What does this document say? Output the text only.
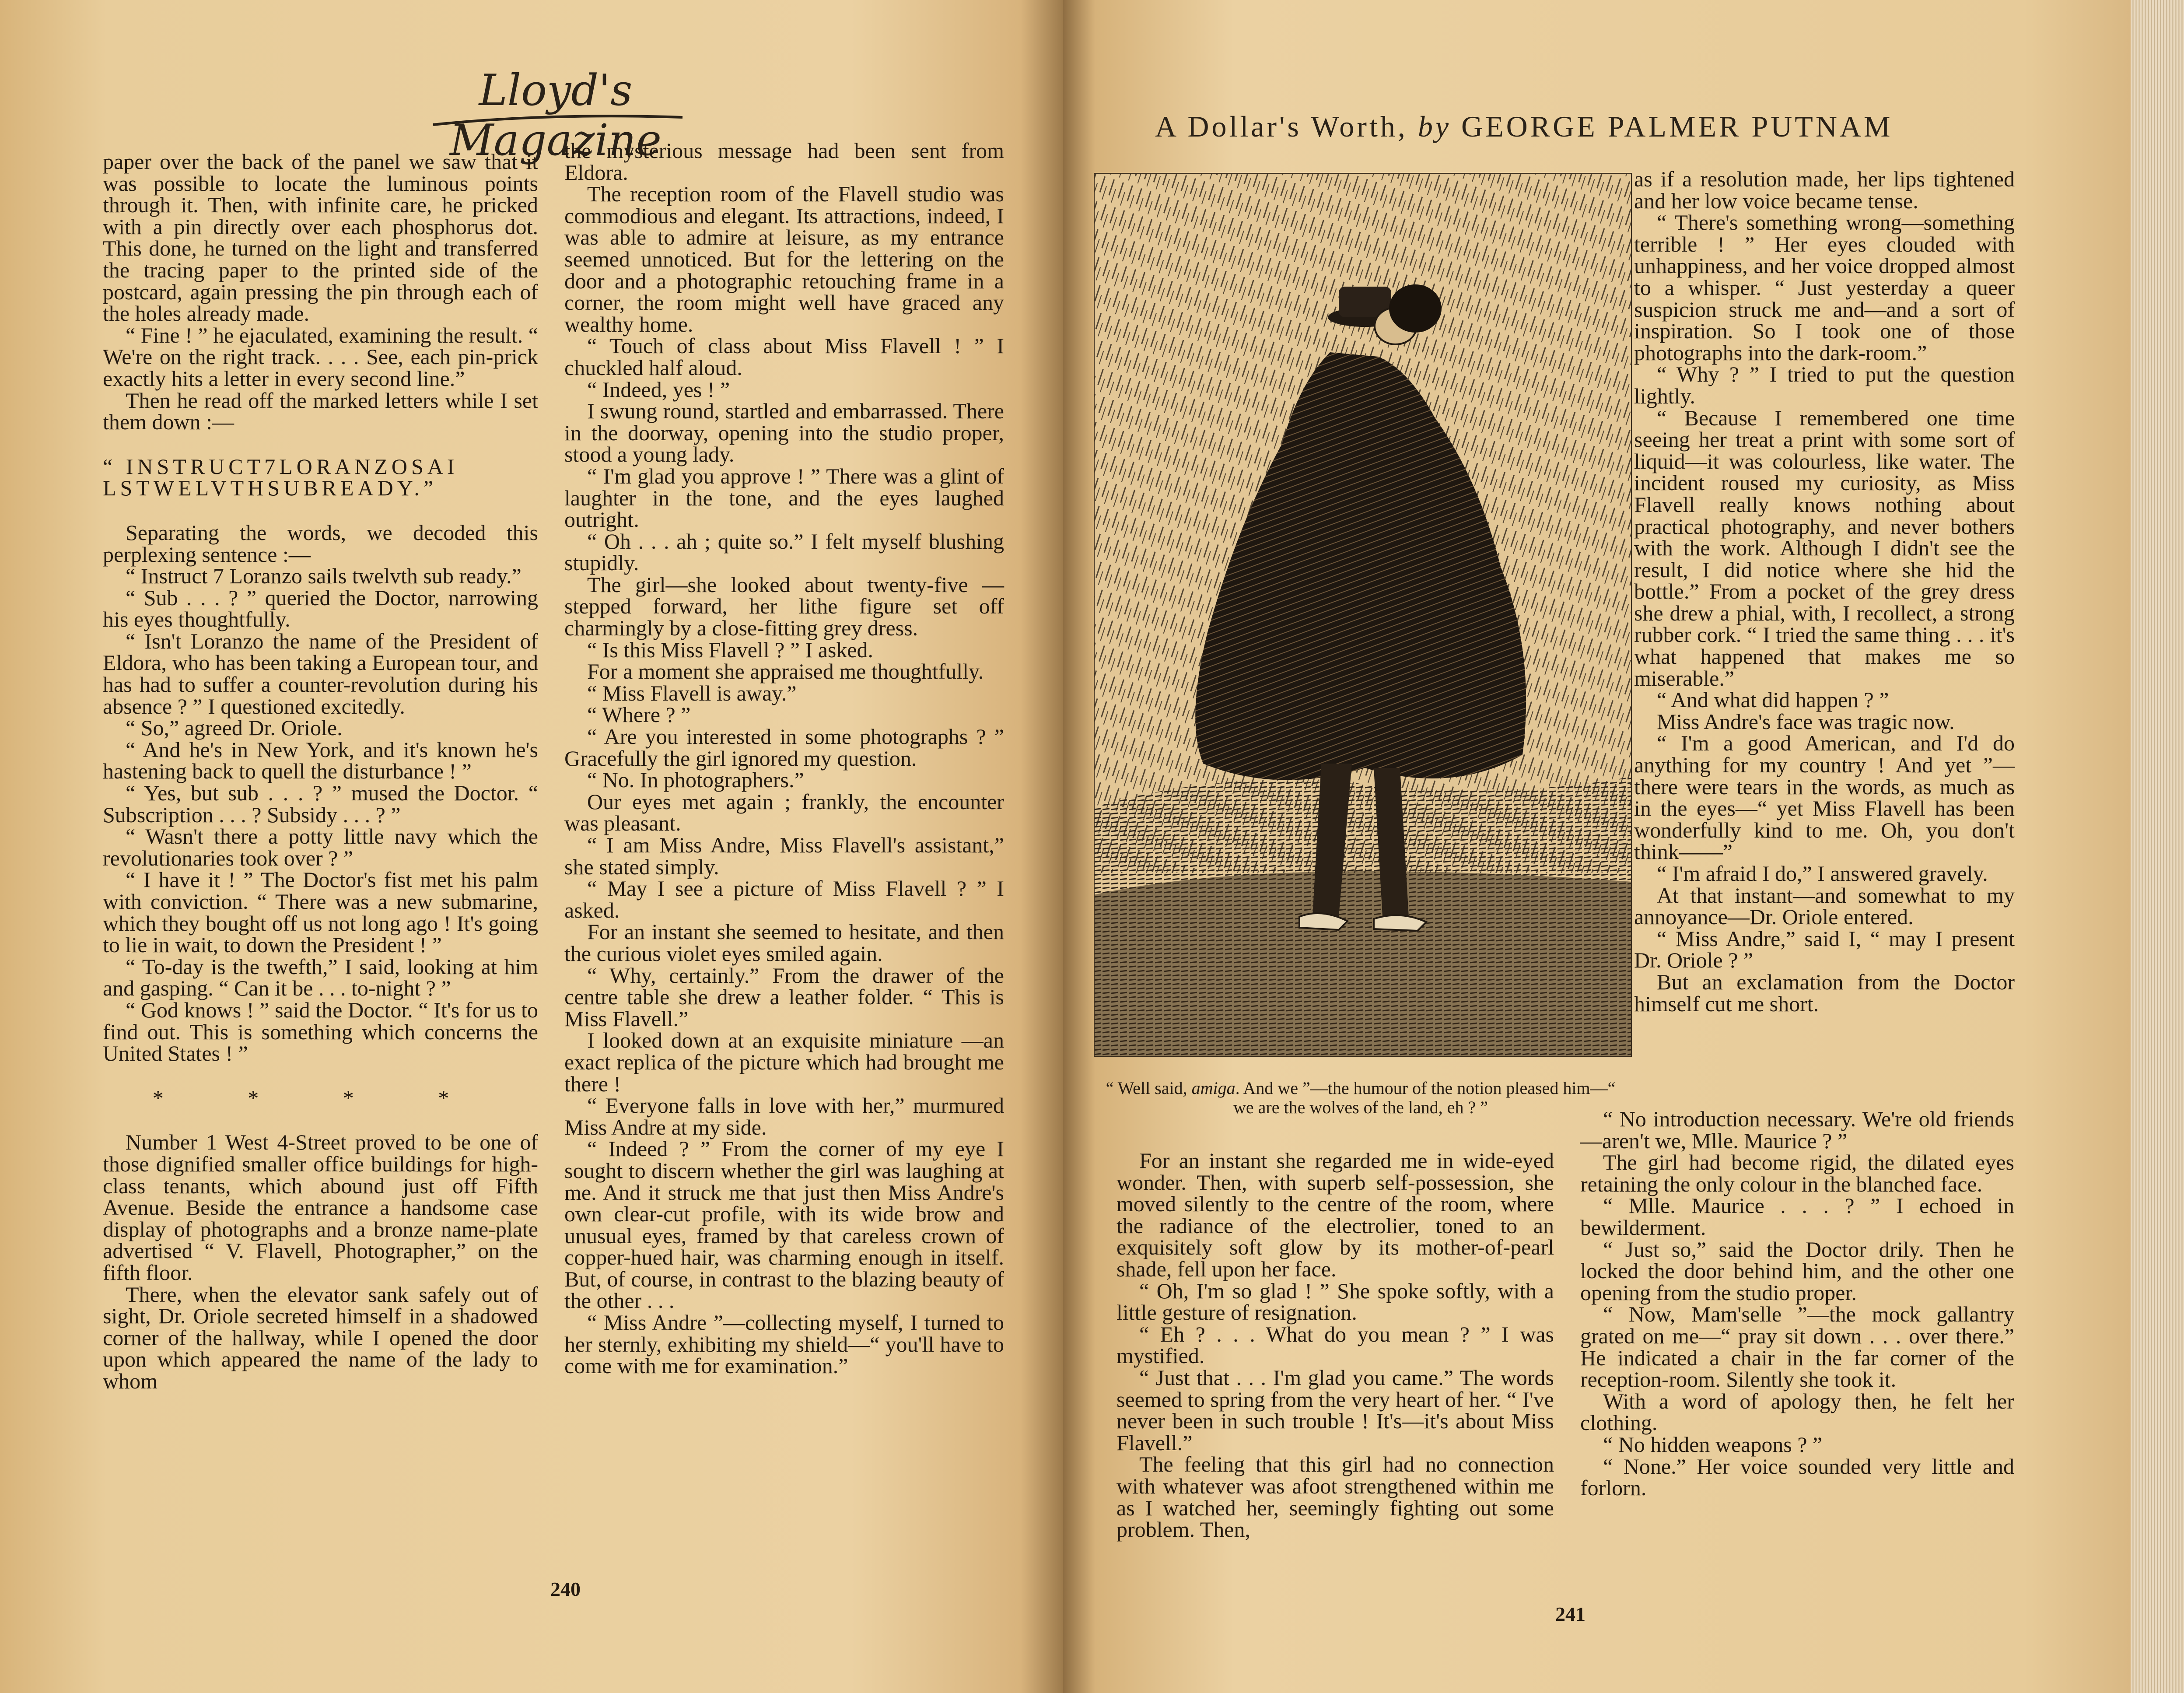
Lloyd's Magazine

paper over the back of the panel we saw that it was possible to locate the luminous points through it. Then, with infinite care, he pricked with a pin directly over each phosphorus dot. This done, he turned on the light and transferred the tracing paper to the printed side of the postcard, again pressing the pin through each of the holes already made.

“ Fine ! ” he ejaculated, examining the result. “ We're on the right track. . . . See, each pin-prick exactly hits a letter in every second line.”

Then he read off the marked letters while I set them down :—

“ INSTRUCT7LORANZOSAI LSTWELVTHSUBREADY.”

Separating the words, we decoded this perplexing sentence :—

“ Instruct 7 Loranzo sails twelvth sub ready.”

“ Sub . . . ? ” queried the Doctor, narrowing his eyes thoughtfully.

“ Isn't Loranzo the name of the President of Eldora, who has been taking a European tour, and has had to suffer a counter-revolution during his absence ? ” I questioned excitedly.

“ So,” agreed Dr. Oriole.

“ And he's in New York, and it's known he's hastening back to quell the disturbance ! ”

“ Yes, but sub . . . ? ” mused the Doctor. “ Subscription . . . ? Subsidy . . . ? ”

“ Wasn't there a potty little navy which the revolutionaries took over ? ”

“ I have it ! ” The Doctor's fist met his palm with conviction. “ There was a new submarine, which they bought off us not long ago ! It's going to lie in wait, to down the President ! ”

“ To-day is the twefth,” I said, looking at him and gasping. “ Can it be . . . to-night ? ”

“ God knows ! ” said the Doctor. “ It's for us to find out. This is something which concerns the United States ! ”

* * * *

Number 1 West 4-Street proved to be one of those dignified smaller office buildings for high-class tenants, which abound just off Fifth Avenue. Beside the entrance a handsome case display of photographs and a bronze name-plate advertised “ V. Flavell, Photographer,” on the fifth floor.

There, when the elevator sank safely out of sight, Dr. Oriole secreted himself in a shadowed corner of the hallway, while I opened the door upon which appeared the name of the lady to whom

the mysterious message had been sent from Eldora.

The reception room of the Flavell studio was commodious and elegant. Its attractions, indeed, I was able to admire at leisure, as my entrance seemed unnoticed. But for the lettering on the door and a photographic retouching frame in a corner, the room might well have graced any wealthy home.

“ Touch of class about Miss Flavell ! ” I chuckled half aloud.

“ Indeed, yes ! ”

I swung round, startled and embarrassed. There in the doorway, opening into the studio proper, stood a young lady.

“ I'm glad you approve ! ” There was a glint of laughter in the tone, and the eyes laughed outright.

“ Oh . . . ah ; quite so.” I felt myself blushing stupidly.

The girl—she looked about twenty-five —stepped forward, her lithe figure set off charmingly by a close-fitting grey dress.

“ Is this Miss Flavell ? ” I asked.

For a moment she appraised me thoughtfully.

“ Miss Flavell is away.”

“ Where ? ”

“ Are you interested in some photographs ? ” Gracefully the girl ignored my question.

“ No. In photographers.”

Our eyes met again ; frankly, the encounter was pleasant.

“ I am Miss Andre, Miss Flavell's assistant,” she stated simply.

“ May I see a picture of Miss Flavell ? ” I asked.

For an instant she seemed to hesitate, and then the curious violet eyes smiled again.

“ Why, certainly.” From the drawer of the centre table she drew a leather folder. “ This is Miss Flavell.”

I looked down at an exquisite miniature —an exact replica of the picture which had brought me there !

“ Everyone falls in love with her,” murmured Miss Andre at my side.

“ Indeed ? ” From the corner of my eye I sought to discern whether the girl was laughing at me. And it struck me that just then Miss Andre's own clear-cut profile, with its wide brow and unusual eyes, framed by that careless crown of copper-hued hair, was charming enough in itself. But, of course, in contrast to the blazing beauty of the other . . .

“ Miss Andre ”—collecting myself, I turned to her sternly, exhibiting my shield—“ you'll have to come with me for examination.”

240
A Dollar's Worth, by GEORGE PALMER PUTNAM
“ Well said, amiga. And we ”—the humour of the notion pleased him—“ we are the wolves of the land, eh ? ”

as if a resolution made, her lips tightened and her low voice became tense.

“ There's something wrong—something terrible ! ” Her eyes clouded with unhappiness, and her voice dropped almost to a whisper. “ Just yesterday a queer suspicion struck me and—and a sort of inspiration. So I took one of those photographs into the dark-room.”

“ Why ? ” I tried to put the question lightly.

“ Because I remembered one time seeing her treat a print with some sort of liquid—it was colourless, like water. The incident roused my curiosity, as Miss Flavell really knows nothing about practical photography, and never bothers with the work. Although I didn't see the result, I did notice where she hid the bottle.” From a pocket of the grey dress she drew a phial, with, I recollect, a strong rubber cork. “ I tried the same thing . . . it's what happened that makes me so miserable.”

“ And what did happen ? ”

Miss Andre's face was tragic now.

“ I'm a good American, and I'd do anything for my country ! And yet ”—there were tears in the words, as much as in the eyes—“ yet Miss Flavell has been wonderfully kind to me. Oh, you don't think——”

“ I'm afraid I do,” I answered gravely.

At that instant—and somewhat to my annoyance—Dr. Oriole entered.

“ Miss Andre,” said I, “ may I present Dr. Oriole ? ”

But an exclamation from the Doctor himself cut me short.

For an instant she regarded me in wide-eyed wonder. Then, with superb self-possession, she moved silently to the centre of the room, where the radiance of the electrolier, toned to an exquisitely soft glow by its mother-of-pearl shade, fell upon her face.

“ Oh, I'm so glad ! ” She spoke softly, with a little gesture of resignation.

“ Eh ? . . . What do you mean ? ” I was mystified.

“ Just that . . . I'm glad you came.” The words seemed to spring from the very heart of her. “ I've never been in such trouble ! It's—it's about Miss Flavell.”

The feeling that this girl had no connection with whatever was afoot strengthened within me as I watched her, seemingly fighting out some problem. Then,

“ No introduction necessary. We're old friends—aren't we, Mlle. Maurice ? ”

The girl had become rigid, the dilated eyes retaining the only colour in the blanched face.

“ Mlle. Maurice . . . ? ” I echoed in bewilderment.

“ Just so,” said the Doctor drily. Then he locked the door behind him, and the other one opening from the studio proper.

“ Now, Mam'selle ”—the mock gallantry grated on me—“ pray sit down . . . over there.” He indicated a chair in the far corner of the reception-room. Silently she took it.

With a word of apology then, he felt her clothing.

“ No hidden weapons ? ”

“ None.” Her voice sounded very little and forlorn.

241
